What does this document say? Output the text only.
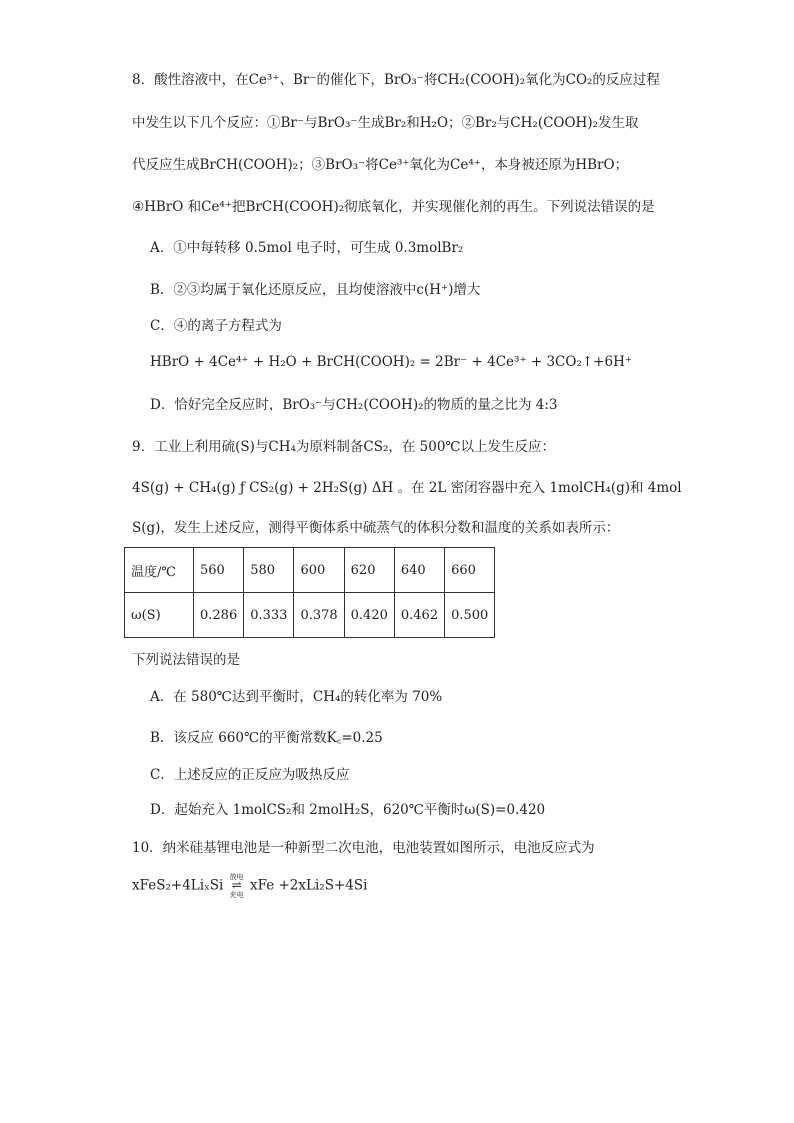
8．酸性溶液中，在Ce³⁺、Br⁻的催化下，BrO₃⁻将CH₂(COOH)₂氧化为CO₂的反应过程
中发生以下几个反应：①Br⁻与BrO₃⁻生成Br₂和H₂O；②Br₂与CH₂(COOH)₂发生取
代反应生成BrCH(COOH)₂；③BrO₃⁻将Ce³⁺氧化为Ce⁴⁺，本身被还原为HBrO；
④HBrO 和Ce⁴⁺把BrCH(COOH)₂彻底氧化，并实现催化剂的再生。下列说法错误的是
A．①中每转移 0.5mol 电子时，可生成 0.3molBr₂
B．②③均属于氧化还原反应，且均使溶液中c(H⁺)增大
C．④的离子方程式为
HBrO + 4Ce⁴⁺ + H₂O + BrCH(COOH)₂ = 2Br⁻ + 4Ce³⁺ + 3CO₂↑+6H⁺
D．恰好完全反应时，BrO₃⁻与CH₂(COOH)₂的物质的量之比为 4:3
9．工业上利用硫(S)与CH₄为原料制备CS₂，在 500℃以上发生反应：
4S(g) + CH₄(g) ƒ CS₂(g) + 2H₂S(g) ΔH 。在 2L 密闭容器中充入 1molCH₄(g)和 4mol
S(g)，发生上述反应，测得平衡体系中硫蒸气的体积分数和温度的关系如表所示：
温度/℃	560	580	600	620	640	660
ω(S)	0.286	0.333	0.378	0.420	0.462	0.500
下列说法错误的是
A．在 580℃达到平衡时，CH₄的转化率为 70%
B．该反应 660℃的平衡常数K꜀=0.25
C．上述反应的正反应为吸热反应
D．起始充入 1molCS₂和 2molH₂S，620℃平衡时ω(S)=0.420
10．纳米硅基锂电池是一种新型二次电池，电池装置如图所示，电池反应式为
xFeS₂+4LiₓSi 放电
⇌
充电 xFe +2xLi₂S+4Si
